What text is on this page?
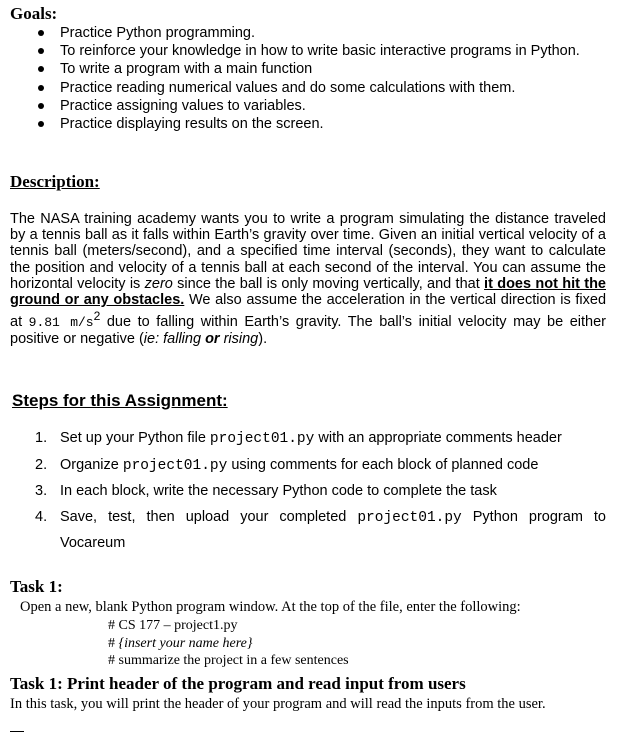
Goals:
Practice Python programming.
To reinforce your knowledge in how to write basic interactive programs in Python.
To write a program with a main function
Practice reading numerical values and do some calculations with them.
Practice assigning values to variables.
Practice displaying results on the screen.
Description:
The NASA training academy wants you to write a program simulating the distance traveled by a tennis ball as it falls within Earth’s gravity over time. Given an initial vertical velocity of a tennis ball (meters/second), and a specified time interval (seconds), they want to calculate the position and velocity of a tennis ball at each second of the interval. You can assume the horizontal velocity is zero since the ball is only moving vertically, and that it does not hit the ground or any obstacles. We also assume the acceleration in the vertical direction is fixed at 9.81 $m/s^2$ due to falling within Earth’s gravity. The ball’s initial velocity may be either positive or negative (ie: falling or rising).
Steps for this Assignment:
1. Set up your Python file project01.py with an appropriate comments header
2. Organize project01.py using comments for each block of planned code
3. In each block, write the necessary Python code to complete the task
4. Save, test, then upload your completed project01.py Python program to Vocareum
Task 1:
Open a new, blank Python program window. At the top of the file, enter the following:
# CS 177 – project1.py
# {insert your name here}
# summarize the project in a few sentences
Task 1: Print header of the program and read input from users
In this task, you will print the header of your program and will read the inputs from the user.
